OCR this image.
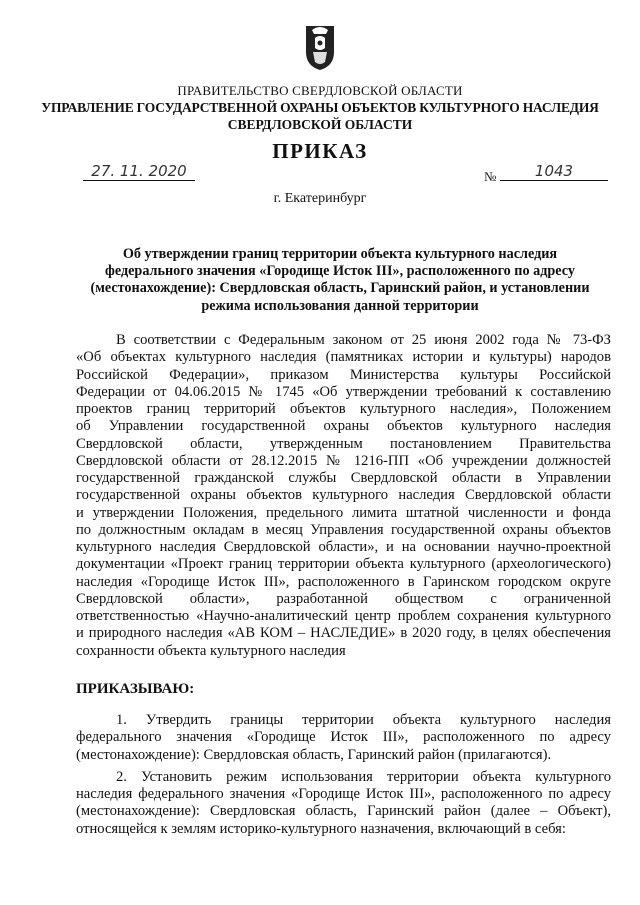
ПРАВИТЕЛЬСТВО СВЕРДЛОВСКОЙ ОБЛАСТИ
УПРАВЛЕНИЕ ГОСУДАРСТВЕННОЙ ОХРАНЫ ОБЪЕКТОВ КУЛЬТУРНОГО НАСЛЕДИЯ
СВЕРДЛОВСКОЙ ОБЛАСТИ
ПРИКАЗ
27. 11. 2020	№	1043
г. Екатеринбург
Об утверждении границ территории объекта культурного наследия
федерального значения «Городище Исток III», расположенного по адресу
(местонахождение): Свердловская область, Гаринский район, и установлении
режима использования данной территории
В соответствии с Федеральным законом от 25 июня 2002 года № 73-ФЗ
«Об объектах культурного наследия (памятниках истории и культуры) народов
Российской Федерации», приказом Министерства культуры Российской
Федерации от 04.06.2015 № 1745 «Об утверждении требований к составлению
проектов границ территорий объектов культурного наследия», Положением
об Управлении государственной охраны объектов культурного наследия
Свердловской области, утвержденным постановлением Правительства
Свердловской области от 28.12.2015 № 1216-ПП «Об учреждении должностей
государственной гражданской службы Свердловской области в Управлении
государственной охраны объектов культурного наследия Свердловской области
и утверждении Положения, предельного лимита штатной численности и фонда
по должностным окладам в месяц Управления государственной охраны объектов
культурного наследия Свердловской области», и на основании научно-проектной
документации «Проект границ территории объекта культурного (археологического)
наследия «Городище Исток III», расположенного в Гаринском городском округе
Свердловской области», разработанной обществом с ограниченной
ответственностью «Научно-аналитический центр проблем сохранения культурного
и природного наследия «АВ КОМ – НАСЛЕДИЕ» в 2020 году, в целях обеспечения
сохранности объекта культурного наследия
ПРИКАЗЫВАЮ:
1. Утвердить границы территории объекта культурного наследия
федерального значения «Городище Исток III», расположенного по адресу
(местонахождение): Свердловская область, Гаринский район (прилагаются).
2. Установить режим использования территории объекта культурного
наследия федерального значения «Городище Исток III», расположенного по адресу
(местонахождение): Свердловская область, Гаринский район (далее – Объект),
относящейся к землям историко-культурного назначения, включающий в себя:
